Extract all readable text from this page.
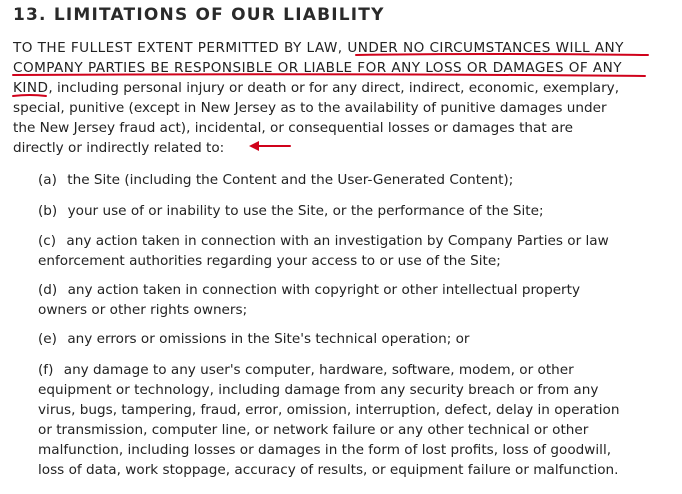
13. LIMITATIONS OF OUR LIABILITY

TO THE FULLEST EXTENT PERMITTED BY LAW, UNDER NO CIRCUMSTANCES WILL ANY
COMPANY PARTIES BE RESPONSIBLE OR LIABLE FOR ANY LOSS OR DAMAGES OF ANY
KIND, including personal injury or death or for any direct, indirect, economic, exemplary,
special, punitive (except in New Jersey as to the availability of punitive damages under
the New Jersey fraud act), incidental, or consequential losses or damages that are
directly or indirectly related to:

(a) the Site (including the Content and the User-Generated Content);

(b) your use of or inability to use the Site, or the performance of the Site;

(c) any action taken in connection with an investigation by Company Parties or law
enforcement authorities regarding your access to or use of the Site;

(d) any action taken in connection with copyright or other intellectual property
owners or other rights owners;

(e) any errors or omissions in the Site's technical operation; or

(f) any damage to any user's computer, hardware, software, modem, or other
equipment or technology, including damage from any security breach or from any
virus, bugs, tampering, fraud, error, omission, interruption, defect, delay in operation
or transmission, computer line, or network failure or any other technical or other
malfunction, including losses or damages in the form of lost profits, loss of goodwill,
loss of data, work stoppage, accuracy of results, or equipment failure or malfunction.
